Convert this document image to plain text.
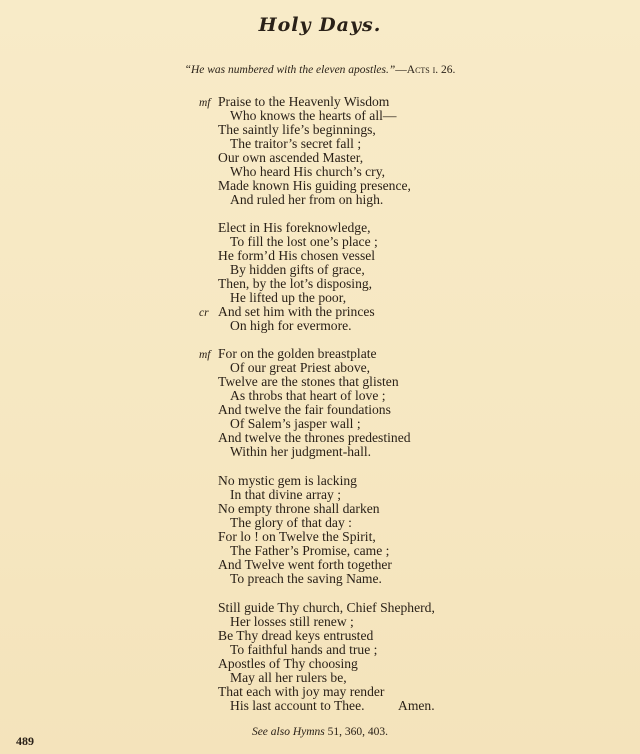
Holy Days.
“He was numbered with the eleven apostles.”—Acts i. 26.
mf
cr
mf
Praise to the Heavenly Wisdom
Who knows the hearts of all—
The saintly life’s beginnings,
The traitor’s secret fall ;
Our own ascended Master,
Who heard His church’s cry,
Made known His guiding presence,
And ruled her from on high.
Elect in His foreknowledge,
To fill the lost one’s place ;
He form’d His chosen vessel
By hidden gifts of grace,
Then, by the lot’s disposing,
He lifted up the poor,
And set him with the princes
On high for evermore.
For on the golden breastplate
Of our great Priest above,
Twelve are the stones that glisten
As throbs that heart of love ;
And twelve the fair foundations
Of Salem’s jasper wall ;
And twelve the thrones predestined
Within her judgment-hall.
No mystic gem is lacking
In that divine array ;
No empty throne shall darken
The glory of that day :
For lo ! on Twelve the Spirit,
The Father’s Promise, came ;
And Twelve went forth together
To preach the saving Name.
Still guide Thy church, Chief Shepherd,
Her losses still renew ;
Be Thy dread keys entrusted
To faithful hands and true ;
Apostles of Thy choosing
May all her rulers be,
That each with joy may render
His last account to Thee. Amen.
See also Hymns 51, 360, 403.
489
